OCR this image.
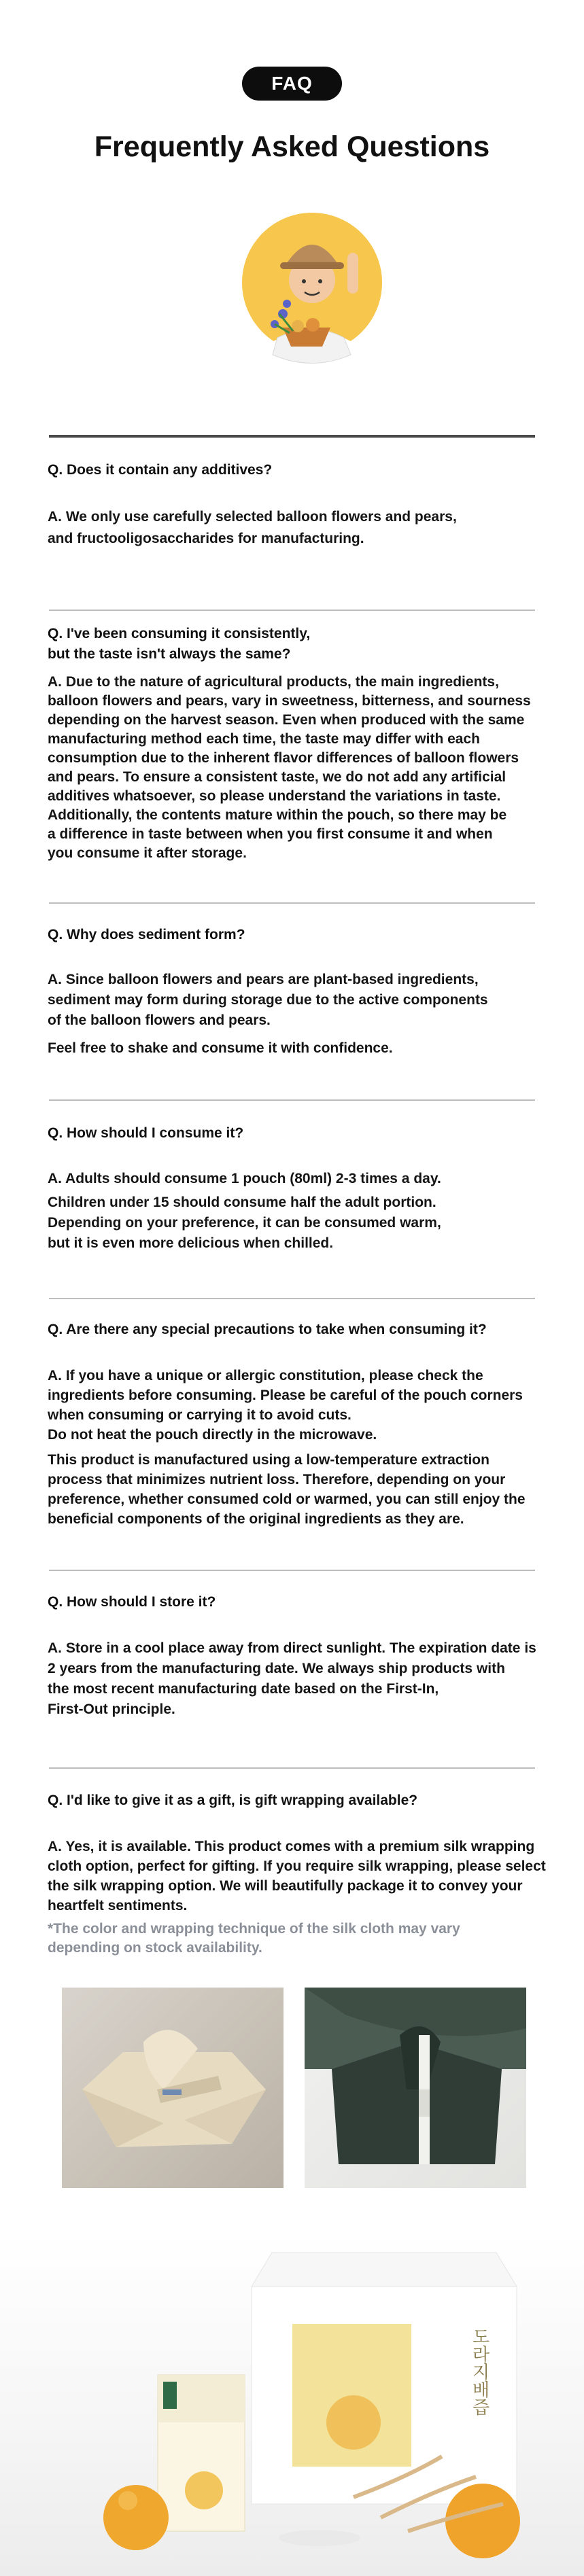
FAQ
Frequently Asked Questions

Q. Does it contain any additives?

A. We only use carefully selected balloon flowers and pears,
and fructooligosaccharides for manufacturing.

Q. I've been consuming it consistently,
but the taste isn't always the same?

A. Due to the nature of agricultural products, the main ingredients,
balloon flowers and pears, vary in sweetness, bitterness, and sourness
depending on the harvest season. Even when produced with the same
manufacturing method each time, the taste may differ with each
consumption due to the inherent flavor differences of balloon flowers
and pears. To ensure a consistent taste, we do not add any artificial
additives whatsoever, so please understand the variations in taste.
Additionally, the contents mature within the pouch, so there may be
a difference in taste between when you first consume it and when
you consume it after storage.

Q. Why does sediment form?

A. Since balloon flowers and pears are plant-based ingredients,
sediment may form during storage due to the active components
of the balloon flowers and pears.

Feel free to shake and consume it with confidence.

Q. How should I consume it?

A. Adults should consume 1 pouch (80ml) 2-3 times a day.

Children under 15 should consume half the adult portion.
Depending on your preference, it can be consumed warm,
but it is even more delicious when chilled.

Q. Are there any special precautions to take when consuming it?

A. If you have a unique or allergic constitution, please check the
ingredients before consuming. Please be careful of the pouch corners
when consuming or carrying it to avoid cuts.
Do not heat the pouch directly in the microwave.

This product is manufactured using a low-temperature extraction
process that minimizes nutrient loss. Therefore, depending on your
preference, whether consumed cold or warmed, you can still enjoy the
beneficial components of the original ingredients as they are.

Q. How should I store it?

A. Store in a cool place away from direct sunlight. The expiration date is
2 years from the manufacturing date. We always ship products with
the most recent manufacturing date based on the First-In,
First-Out principle.

Q. I'd like to give it as a gift, is gift wrapping available?

A. Yes, it is available. This product comes with a premium silk wrapping
cloth option, perfect for gifting. If you require silk wrapping, please select
the silk wrapping option. We will beautifully package it to convey your
heartfelt sentiments.

*The color and wrapping technique of the silk cloth may vary
depending on stock availability.

도라지배즙
